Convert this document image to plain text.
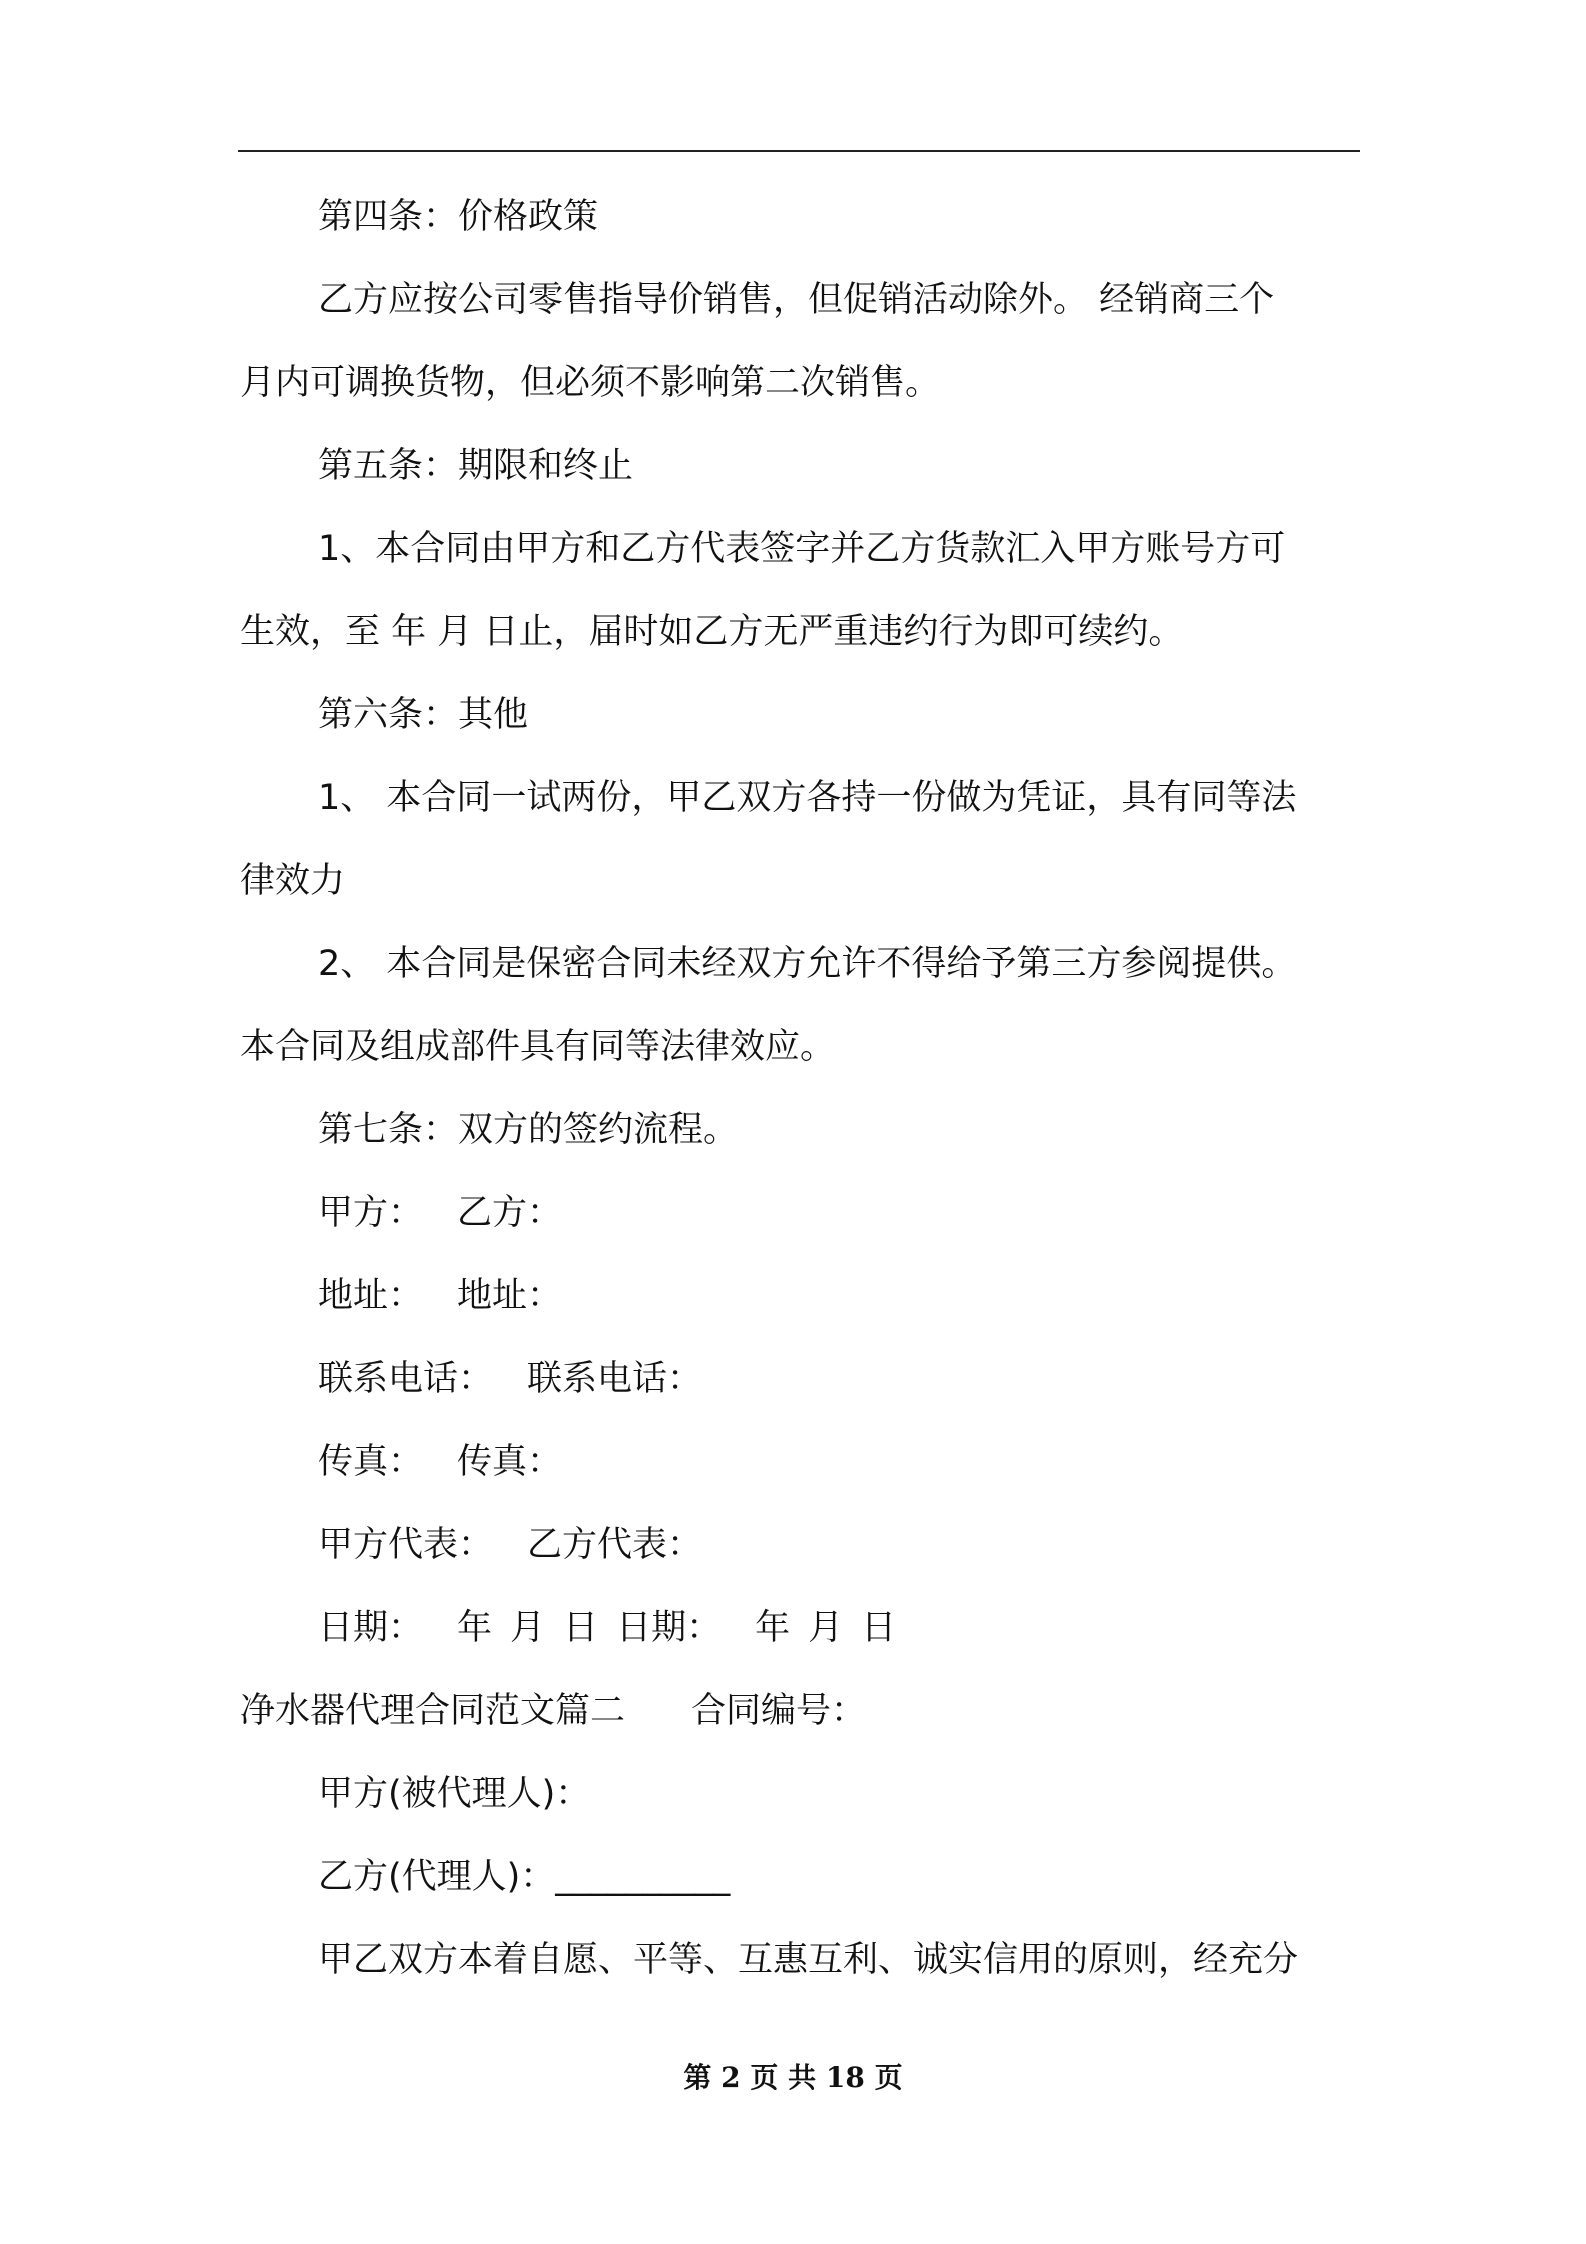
第四条：价格政策
乙方应按公司零售指导价销售，但促销活动除外。 经销商三个
月内可调换货物，但必须不影响第二次销售。
第五条：期限和终止
1、本合同由甲方和乙方代表签字并乙方货款汇入甲方账号方可
生效，至 年 月 日止，届时如乙方无严重违约行为即可续约。
第六条：其他
1、 本合同一试两份，甲乙双方各持一份做为凭证，具有同等法
律效力
2、 本合同是保密合同未经双方允许不得给予第三方参阅提供。
本合同及组成部件具有同等法律效应。
第七条：双方的签约流程。
甲方： 乙方：
地址： 地址：
联系电话： 联系电话：
传真： 传真：
甲方代表： 乙方代表：
日期： 年 月 日 日期： 年 月 日
净水器代理合同范文篇二 合同编号：
甲方(被代理人)：
乙方(代理人)：__________
甲乙双方本着自愿、平等、互惠互利、诚实信用的原则，经充分
第 2 页 共 18 页
